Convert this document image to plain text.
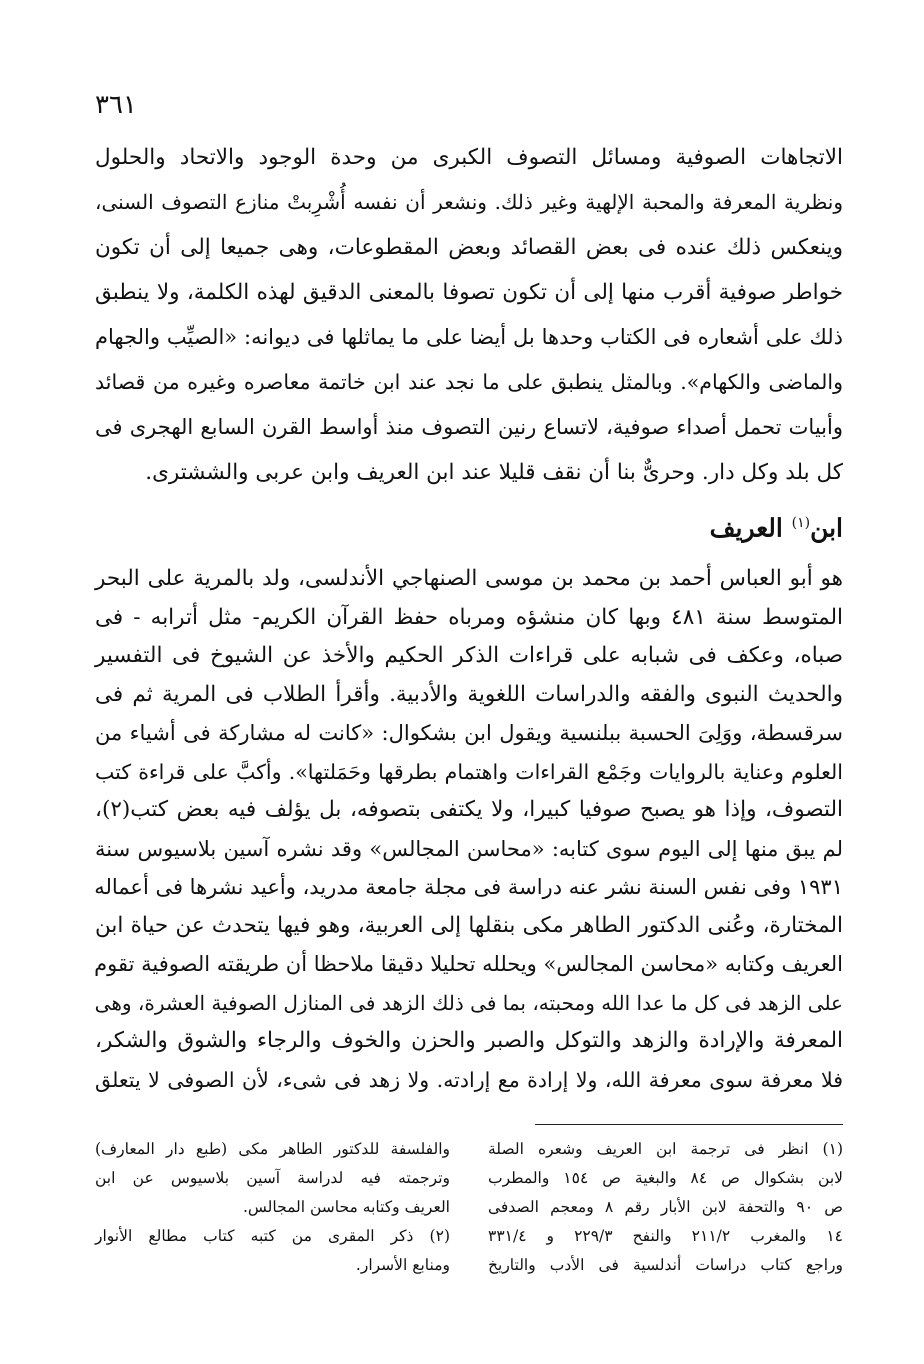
٣٦١
الاتجاهات الصوفية ومسائل التصوف الكبرى من وحدة الوجود والاتحاد والحلول
ونظرية المعرفة والمحبة الإلهية وغير ذلك. ونشعر أن نفسه أُشْرِبتْ منازع التصوف السنى،
وينعكس ذلك عنده فى بعض القصائد وبعض المقطوعات، وهى جميعا إلى أن تكون
خواطر صوفية أقرب منها إلى أن تكون تصوفا بالمعنى الدقيق لهذه الكلمة، ولا ينطبق
ذلك على أشعاره فى الكتاب وحدها بل أيضا على ما يماثلها فى ديوانه: «الصيِّب والجهام
والماضى والكهام». وبالمثل ينطبق على ما نجد عند ابن خاتمة معاصره وغيره من قصائد
وأبيات تحمل أصداء صوفية، لاتساع رنين التصوف منذ أواسط القرن السابع الهجرى فى
كل بلد وكل دار. وحرىٌّ بنا أن نقف قليلا عند ابن العريف وابن عربى والششترى.
ابن$^{(١)}$ العريف
هو أبو العباس أحمد بن محمد بن موسى الصنهاجي الأندلسى، ولد بالمرية على البحر
المتوسط سنة ٤٨١ وبها كان منشؤه ومرباه حفظ القرآن الكريم- مثل أترابه - فى
صباه، وعكف فى شبابه على قراءات الذكر الحكيم والأخذ عن الشيوخ فى التفسير
والحديث النبوى والفقه والدراسات اللغوية والأدبية. وأقرأ الطلاب فى المرية ثم فى
سرقسطة، ووَلِىَ الحسبة ببلنسية ويقول ابن بشكوال: «كانت له مشاركة فى أشياء من
العلوم وعناية بالروايات وجَمْع القراءات واهتمام بطرقها وحَمَلتها». وأكبَّ على قراءة كتب
التصوف، وإذا هو يصبح صوفيا كبيرا، ولا يكتفى بتصوفه، بل يؤلف فيه بعض كتب(٢)،
لم يبق منها إلى اليوم سوى كتابه: «محاسن المجالس» وقد نشره آسين بلاسيوس سنة
١٩٣١ وفى نفس السنة نشر عنه دراسة فى مجلة جامعة مدريد، وأعيد نشرها فى أعماله
المختارة، وعُنى الدكتور الطاهر مكى بنقلها إلى العربية، وهو فيها يتحدث عن حياة ابن
العريف وكتابه «محاسن المجالس» ويحلله تحليلا دقيقا ملاحظا أن طريقته الصوفية تقوم
على الزهد فى كل ما عدا الله ومحبته، بما فى ذلك الزهد فى المنازل الصوفية العشرة، وهى
المعرفة والإرادة والزهد والتوكل والصبر والحزن والخوف والرجاء والشوق والشكر،
فلا معرفة سوى معرفة الله، ولا إرادة مع إرادته. ولا زهد فى شىء، لأن الصوفى لا يتعلق
(١) انظر فى ترجمة ابن العريف وشعره الصلة
لابن بشكوال ص ٨٤ والبغية ص ١٥٤ والمطرب
ص ٩٠ والتحفة لابن الأبار رقم ٨ ومعجم الصدفى
١٤ والمغرب ٢١١/٢ والنفح ٢٢٩/٣ و ٣٣١/٤
وراجع كتاب دراسات أندلسية فى الأدب والتاريخ
والفلسفة للدكتور الطاهر مكى (طبع دار المعارف)
وترجمته فيه لدراسة آسين بلاسيوس عن ابن
العريف وكتابه محاسن المجالس.
(٢) ذكر المقرى من كتبه كتاب مطالع الأنوار
ومنابع الأسرار.
